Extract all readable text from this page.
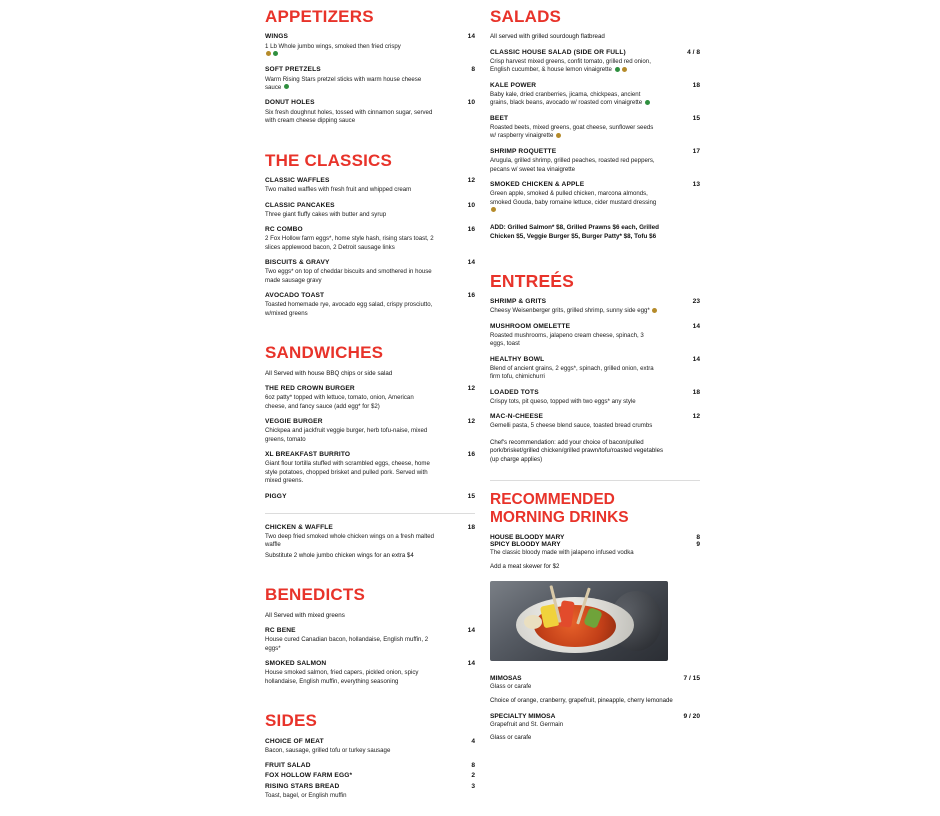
APPETIZERS
WINGS	14
1 Lb Whole jumbo wings, smoked then fried crispy

SOFT PRETZELS	8
Warm Rising Stars pretzel sticks with warm house cheese sauce
DONUT HOLES	10
Six fresh doughnut holes, tossed with cinnamon sugar, served with cream cheese dipping sauce
THE CLASSICS
CLASSIC WAFFLES	12
Two malted waffles with fresh fruit and whipped cream
CLASSIC PANCAKES	10
Three giant fluffy cakes with butter and syrup
RC COMBO	16
2 Fox Hollow farm eggs*, home style hash, rising stars toast, 2 slices applewood bacon, 2 Detroit sausage links
BISCUITS & GRAVY	14
Two eggs* on top of cheddar biscuits and smothered in house made sausage gravy
AVOCADO TOAST	16
Toasted homemade rye, avocado egg salad, crispy prosciutto, w/mixed greens
SANDWICHES
All Served with house BBQ chips or side salad
THE RED CROWN BURGER	12
6oz patty* topped with lettuce, tomato, onion, American cheese, and fancy sauce (add egg* for $2)
VEGGIE BURGER	12
Chickpea and jackfruit veggie burger, herb tofu-naise, mixed greens, tomato
XL BREAKFAST BURRITO	16
Giant flour tortilla stuffed with scrambled eggs, cheese, home style potatoes, chopped brisket and pulled pork. Served with mixed greens.
PIGGY	15
CHICKEN & WAFFLE	18
Two deep fried smoked whole chicken wings on a fresh malted waffle
Substitute 2 whole jumbo chicken wings for an extra $4
BENEDICTS
All Served with mixed greens
RC BENE	14
House cured Canadian bacon, hollandaise, English muffin, 2 eggs*
SMOKED SALMON	14
House smoked salmon, fried capers, pickled onion, spicy hollandaise, English muffin, everything seasoning
SIDES
CHOICE OF MEAT	4
Bacon, sausage, grilled tofu or turkey sausage
FRUIT SALAD	8
FOX HOLLOW FARM EGG*	2
RISING STARS BREAD	3
Toast, bagel, or English muffin
SALADS
All served with grilled sourdough flatbread
CLASSIC HOUSE SALAD (SIDE OR FULL)	4 / 8
Crisp harvest mixed greens, confit tomato, grilled red onion, English cucumber, & house lemon vinaigrette
KALE POWER	18
Baby kale, dried cranberries, jicama, chickpeas, ancient grains, black beans, avocado w/ roasted corn vinaigrette
BEET	15
Roasted beets, mixed greens, goat cheese, sunflower seeds w/ raspberry vinaigrette
SHRIMP ROQUETTE	17
Arugula, grilled shrimp, grilled peaches, roasted red peppers, pecans w/ sweet tea vinaigrette
SMOKED CHICKEN & APPLE	13
Green apple, smoked & pulled chicken, marcona almonds, smoked Gouda, baby romaine lettuce, cider mustard dressing
ADD: Grilled Salmon* $8, Grilled Prawns $6 each, Grilled Chicken $5, Veggie Burger $5, Burger Patty* $8, Tofu $6
ENTREÉS
SHRIMP & GRITS	23
Cheesy Weisenberger grits, grilled shrimp, sunny side egg*
MUSHROOM OMELETTE	14
Roasted mushrooms, jalapeno cream cheese, spinach, 3 eggs, toast
HEALTHY BOWL	14
Blend of ancient grains, 2 eggs*, spinach, grilled onion, extra firm tofu, chimichurri
LOADED TOTS	18
Crispy tots, pit queso, topped with two eggs* any style
MAC-N-CHEESE	12
Gemelli pasta, 5 cheese blend sauce, toasted bread crumbs
Chef's recommendation: add your choice of bacon/pulled pork/brisket/grilled chicken/grilled prawn/tofu/roasted vegetables (up charge applies)
RECOMMENDED
MORNING DRINKS
HOUSE BLOODY MARY	8
SPICY BLOODY MARY	9
The classic bloody made with jalapeno infused vodka
Add a meat skewer for $2
MIMOSAS	7 / 15
Glass or carafe
Choice of orange, cranberry, grapefruit, pineapple, cherry lemonade
SPECIALTY MIMOSA	9 / 20
Grapefruit and St. Germain
Glass or carafe
